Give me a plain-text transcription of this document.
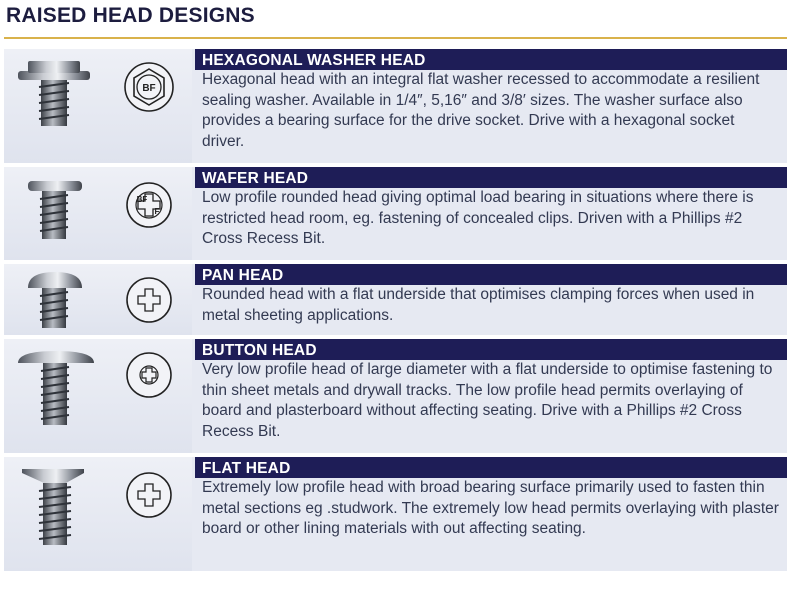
RAISED HEAD DESIGNS
BF
HEXAGONAL WASHER HEAD
Hexagonal head with an integral flat washer recessed to accommodate a resilient sealing washer. Available in 1/4″, 5,16″ and 3/8′ sizes. The washer surface also provides a bearing surface for the drive socket. Drive with a hexagonal socket driver.
BF
F
WAFER HEAD
Low profile rounded head giving optimal load bearing in situations where there is restricted head room, eg. fastening of concealed clips. Driven with a Phillips #2 Cross Recess Bit.
PAN HEAD
Rounded head with a flat underside that optimises clamping forces when used in metal sheeting applications.
BUTTON HEAD
Very low profile head of large diameter with a flat underside to optimise fastening to thin sheet metals and drywall tracks. The low profile head permits overlaying of board and plasterboard without affecting seating. Drive with a Phillips #2 Cross Recess Bit.
FLAT HEAD
Extremely low profile head with broad bearing surface primarily used to fasten thin metal sections eg .studwork. The extremely low head permits overlaying with plaster board or other lining materials with out affecting seating.
